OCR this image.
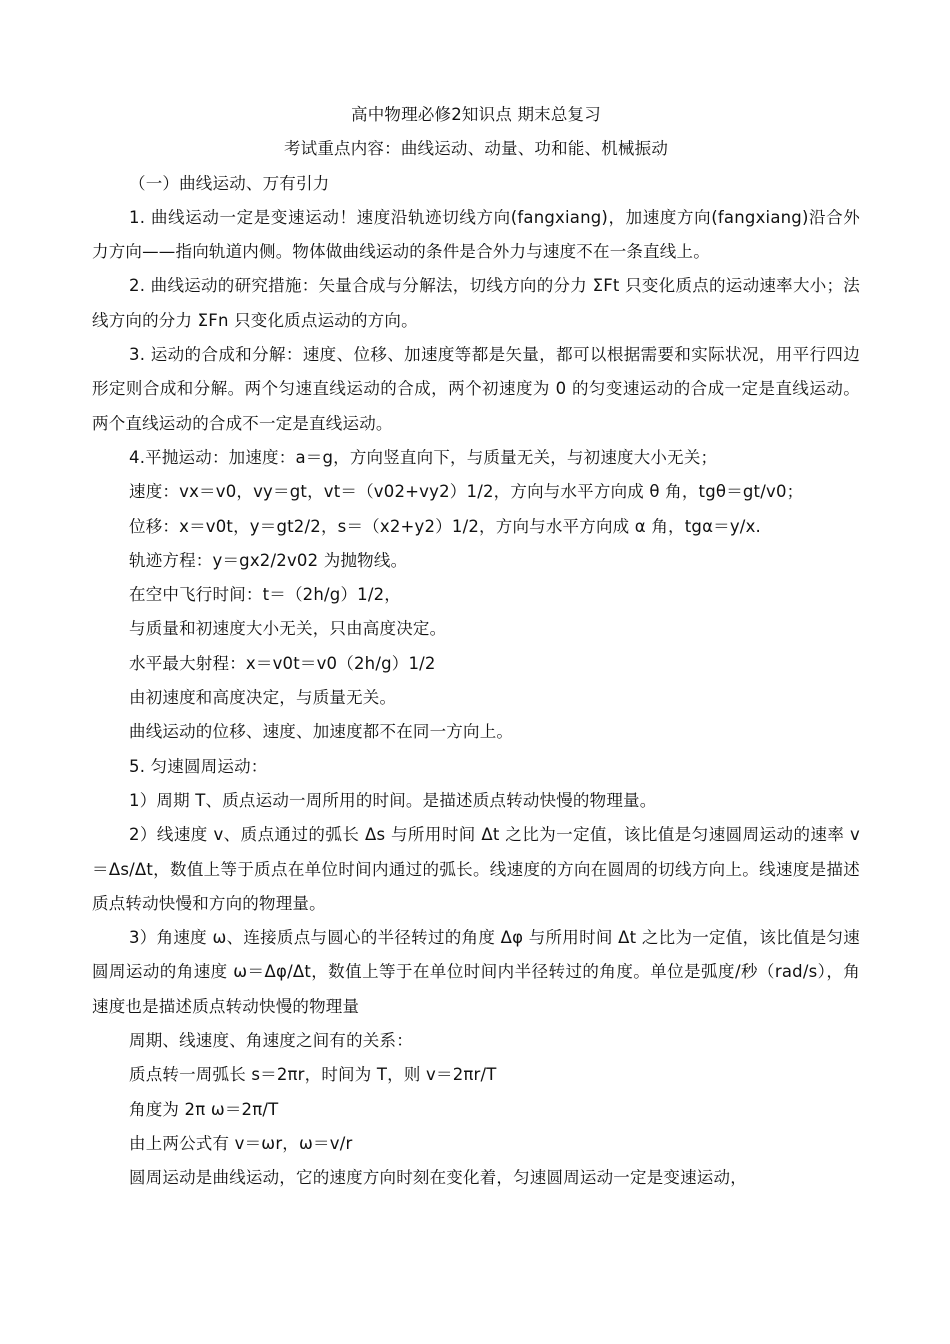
高中物理必修2知识点 期末总复习

考试重点内容：曲线运动、动量、功和能、机械振动

（一）曲线运动、万有引力

1. 曲线运动一定是变速运动！速度沿轨迹切线方向(fangxiang)，加速度方向(fangxiang)沿合外力方向——指向轨道内侧。物体做曲线运动的条件是合外力与速度不在一条直线上。

2. 曲线运动的研究措施：矢量合成与分解法，切线方向的分力 ΣFt 只变化质点的运动速率大小；法线方向的分力 ΣFn 只变化质点运动的方向。

3. 运动的合成和分解：速度、位移、加速度等都是矢量，都可以根据需要和实际状况，用平行四边形定则合成和分解。两个匀速直线运动的合成，两个初速度为 0 的匀变速运动的合成一定是直线运动。两个直线运动的合成不一定是直线运动。

4.平抛运动：加速度：a＝g，方向竖直向下，与质量无关，与初速度大小无关；

速度：vx＝v0，vy＝gt，vt＝（v02+vy2）1/2，方向与水平方向成 θ 角，tgθ＝gt/v0；

位移：x＝v0t，y＝gt2/2，s＝（x2+y2）1/2，方向与水平方向成 α 角，tgα＝y/x.

轨迹方程：y＝gx2/2v02 为抛物线。

在空中飞行时间：t＝（2h/g）1/2，

与质量和初速度大小无关，只由高度决定。

水平最大射程：x＝v0t＝v0（2h/g）1/2

由初速度和高度决定，与质量无关。

曲线运动的位移、速度、加速度都不在同一方向上。

5. 匀速圆周运动：

1）周期 T、质点运动一周所用的时间。是描述质点转动快慢的物理量。

2）线速度 v、质点通过的弧长 Δs 与所用时间 Δt 之比为一定值，该比值是匀速圆周运动的速率 v＝Δs/Δt，数值上等于质点在单位时间内通过的弧长。线速度的方向在圆周的切线方向上。线速度是描述质点转动快慢和方向的物理量。

3）角速度 ω、连接质点与圆心的半径转过的角度 Δφ 与所用时间 Δt 之比为一定值，该比值是匀速圆周运动的角速度 ω＝Δφ/Δt，数值上等于在单位时间内半径转过的角度。单位是弧度/秒（rad/s），角速度也是描述质点转动快慢的物理量

周期、线速度、角速度之间有的关系：

质点转一周弧长 s＝2πr，时间为 T，则 v＝2πr/T

角度为 2π ω＝2π/T

由上两公式有 v＝ωr，ω＝v/r

圆周运动是曲线运动，它的速度方向时刻在变化着，匀速圆周运动一定是变速运动，
